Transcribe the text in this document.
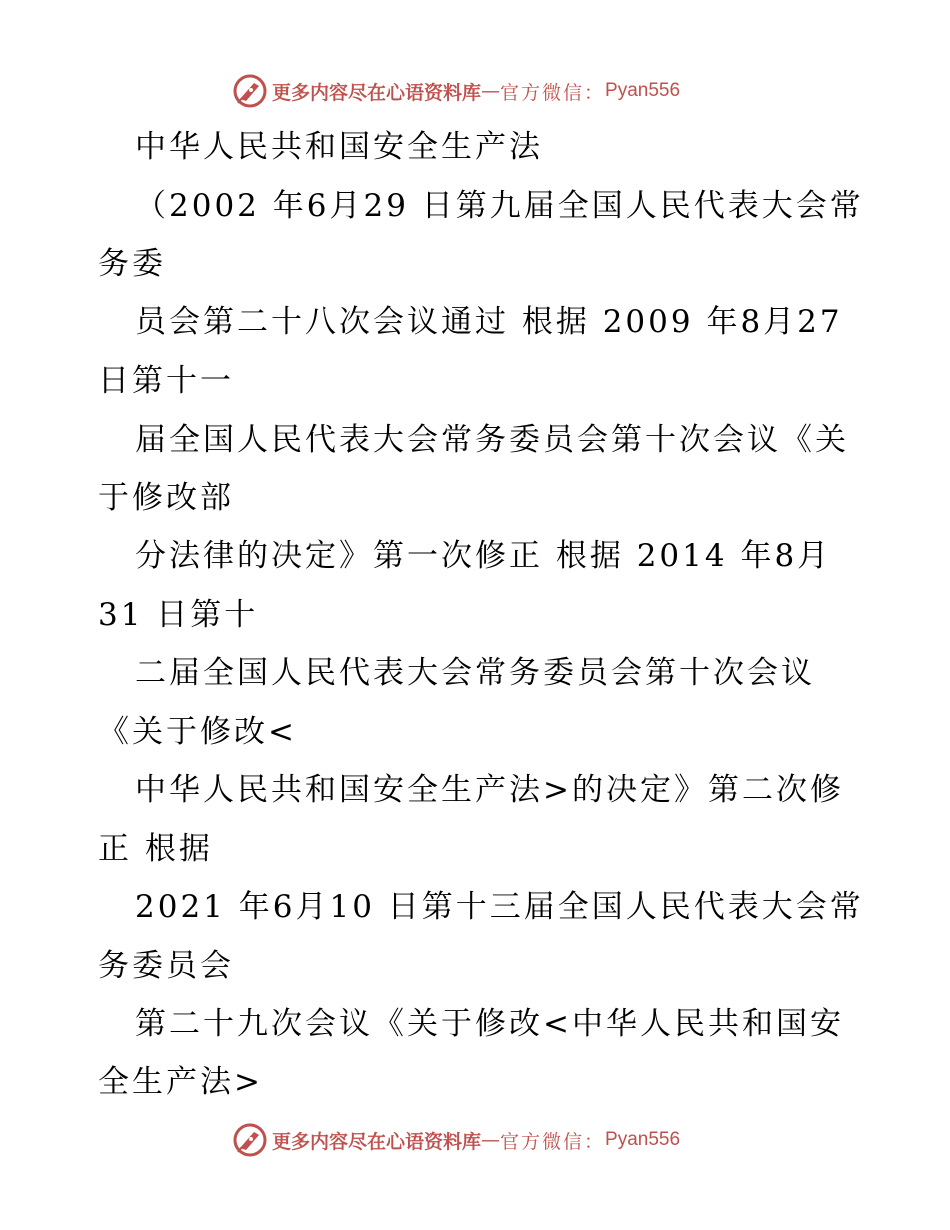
更多内容尽在心语资料库 — 官方微信： Pyan556
中华人民共和国安全生产法
（2002 年6月29 日第九届全国人民代表大会常
务委
员会第二十八次会议通过 根据 2009 年8月27
日第十一
届全国人民代表大会常务委员会第十次会议《关
于修改部
分法律的决定》第一次修正 根据 2014 年8月
31 日第十
二届全国人民代表大会常务委员会第十次会议
《关于修改<
中华人民共和国安全生产法>的决定》第二次修
正 根据
2021 年6月10 日第十三届全国人民代表大会常
务委员会
第二十九次会议《关于修改<中华人民共和国安
全生产法>
更多内容尽在心语资料库 — 官方微信： Pyan556
